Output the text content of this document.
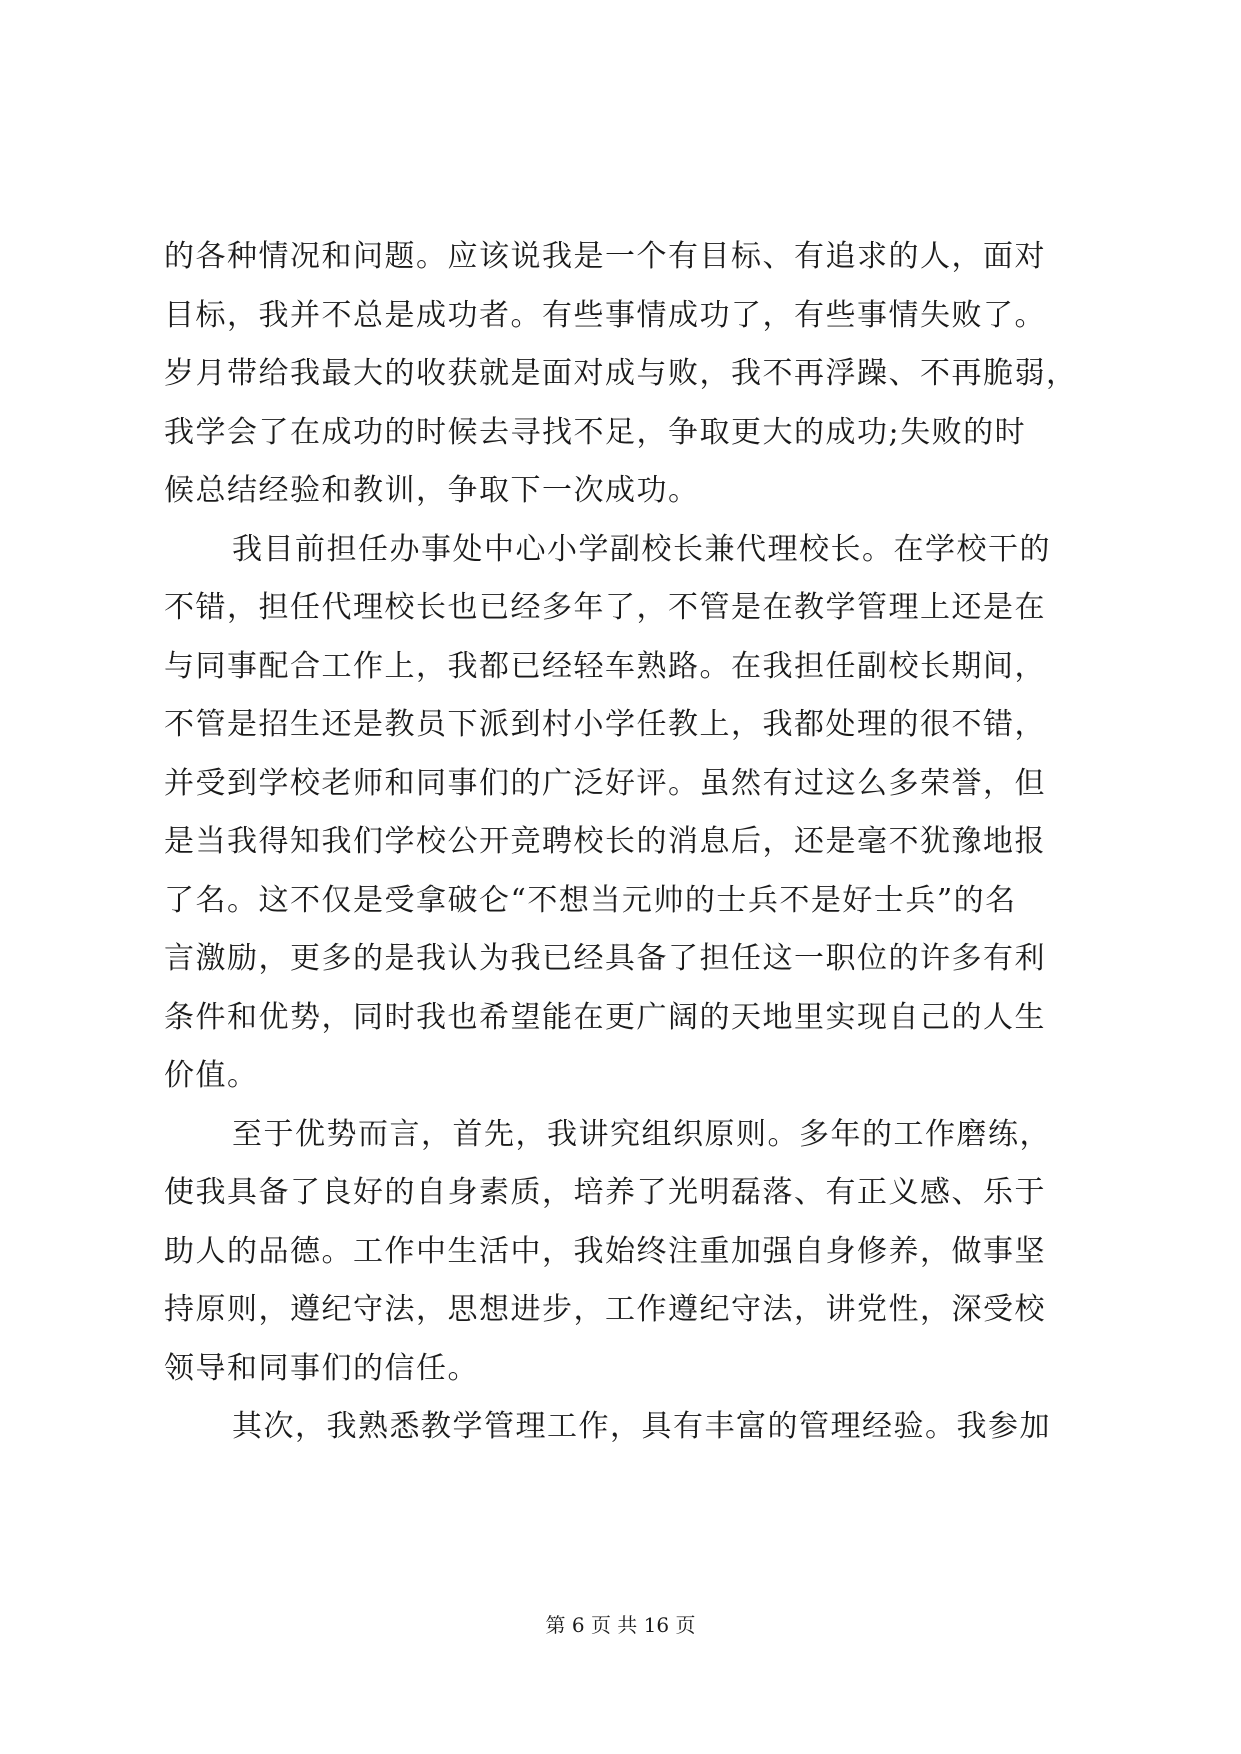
的各种情况和问题。应该说我是一个有目标、有追求的人，面对
目标，我并不总是成功者。有些事情成功了，有些事情失败了。
岁月带给我最大的收获就是面对成与败，我不再浮躁、不再脆弱，
我学会了在成功的时候去寻找不足，争取更大的成功;失败的时
候总结经验和教训，争取下一次成功。
我目前担任办事处中心小学副校长兼代理校长。在学校干的
不错，担任代理校长也已经多年了，不管是在教学管理上还是在
与同事配合工作上，我都已经轻车熟路。在我担任副校长期间，
不管是招生还是教员下派到村小学任教上，我都处理的很不错，
并受到学校老师和同事们的广泛好评。虽然有过这么多荣誉，但
是当我得知我们学校公开竞聘校长的消息后，还是毫不犹豫地报
了名。这不仅是受拿破仑“不想当元帅的士兵不是好士兵”的名
言激励，更多的是我认为我已经具备了担任这一职位的许多有利
条件和优势，同时我也希望能在更广阔的天地里实现自己的人生
价值。
至于优势而言，首先，我讲究组织原则。多年的工作磨练，
使我具备了良好的自身素质，培养了光明磊落、有正义感、乐于
助人的品德。工作中生活中，我始终注重加强自身修养，做事坚
持原则，遵纪守法，思想进步，工作遵纪守法，讲党性，深受校
领导和同事们的信任。
其次，我熟悉教学管理工作，具有丰富的管理经验。我参加
第 6 页 共 16 页
